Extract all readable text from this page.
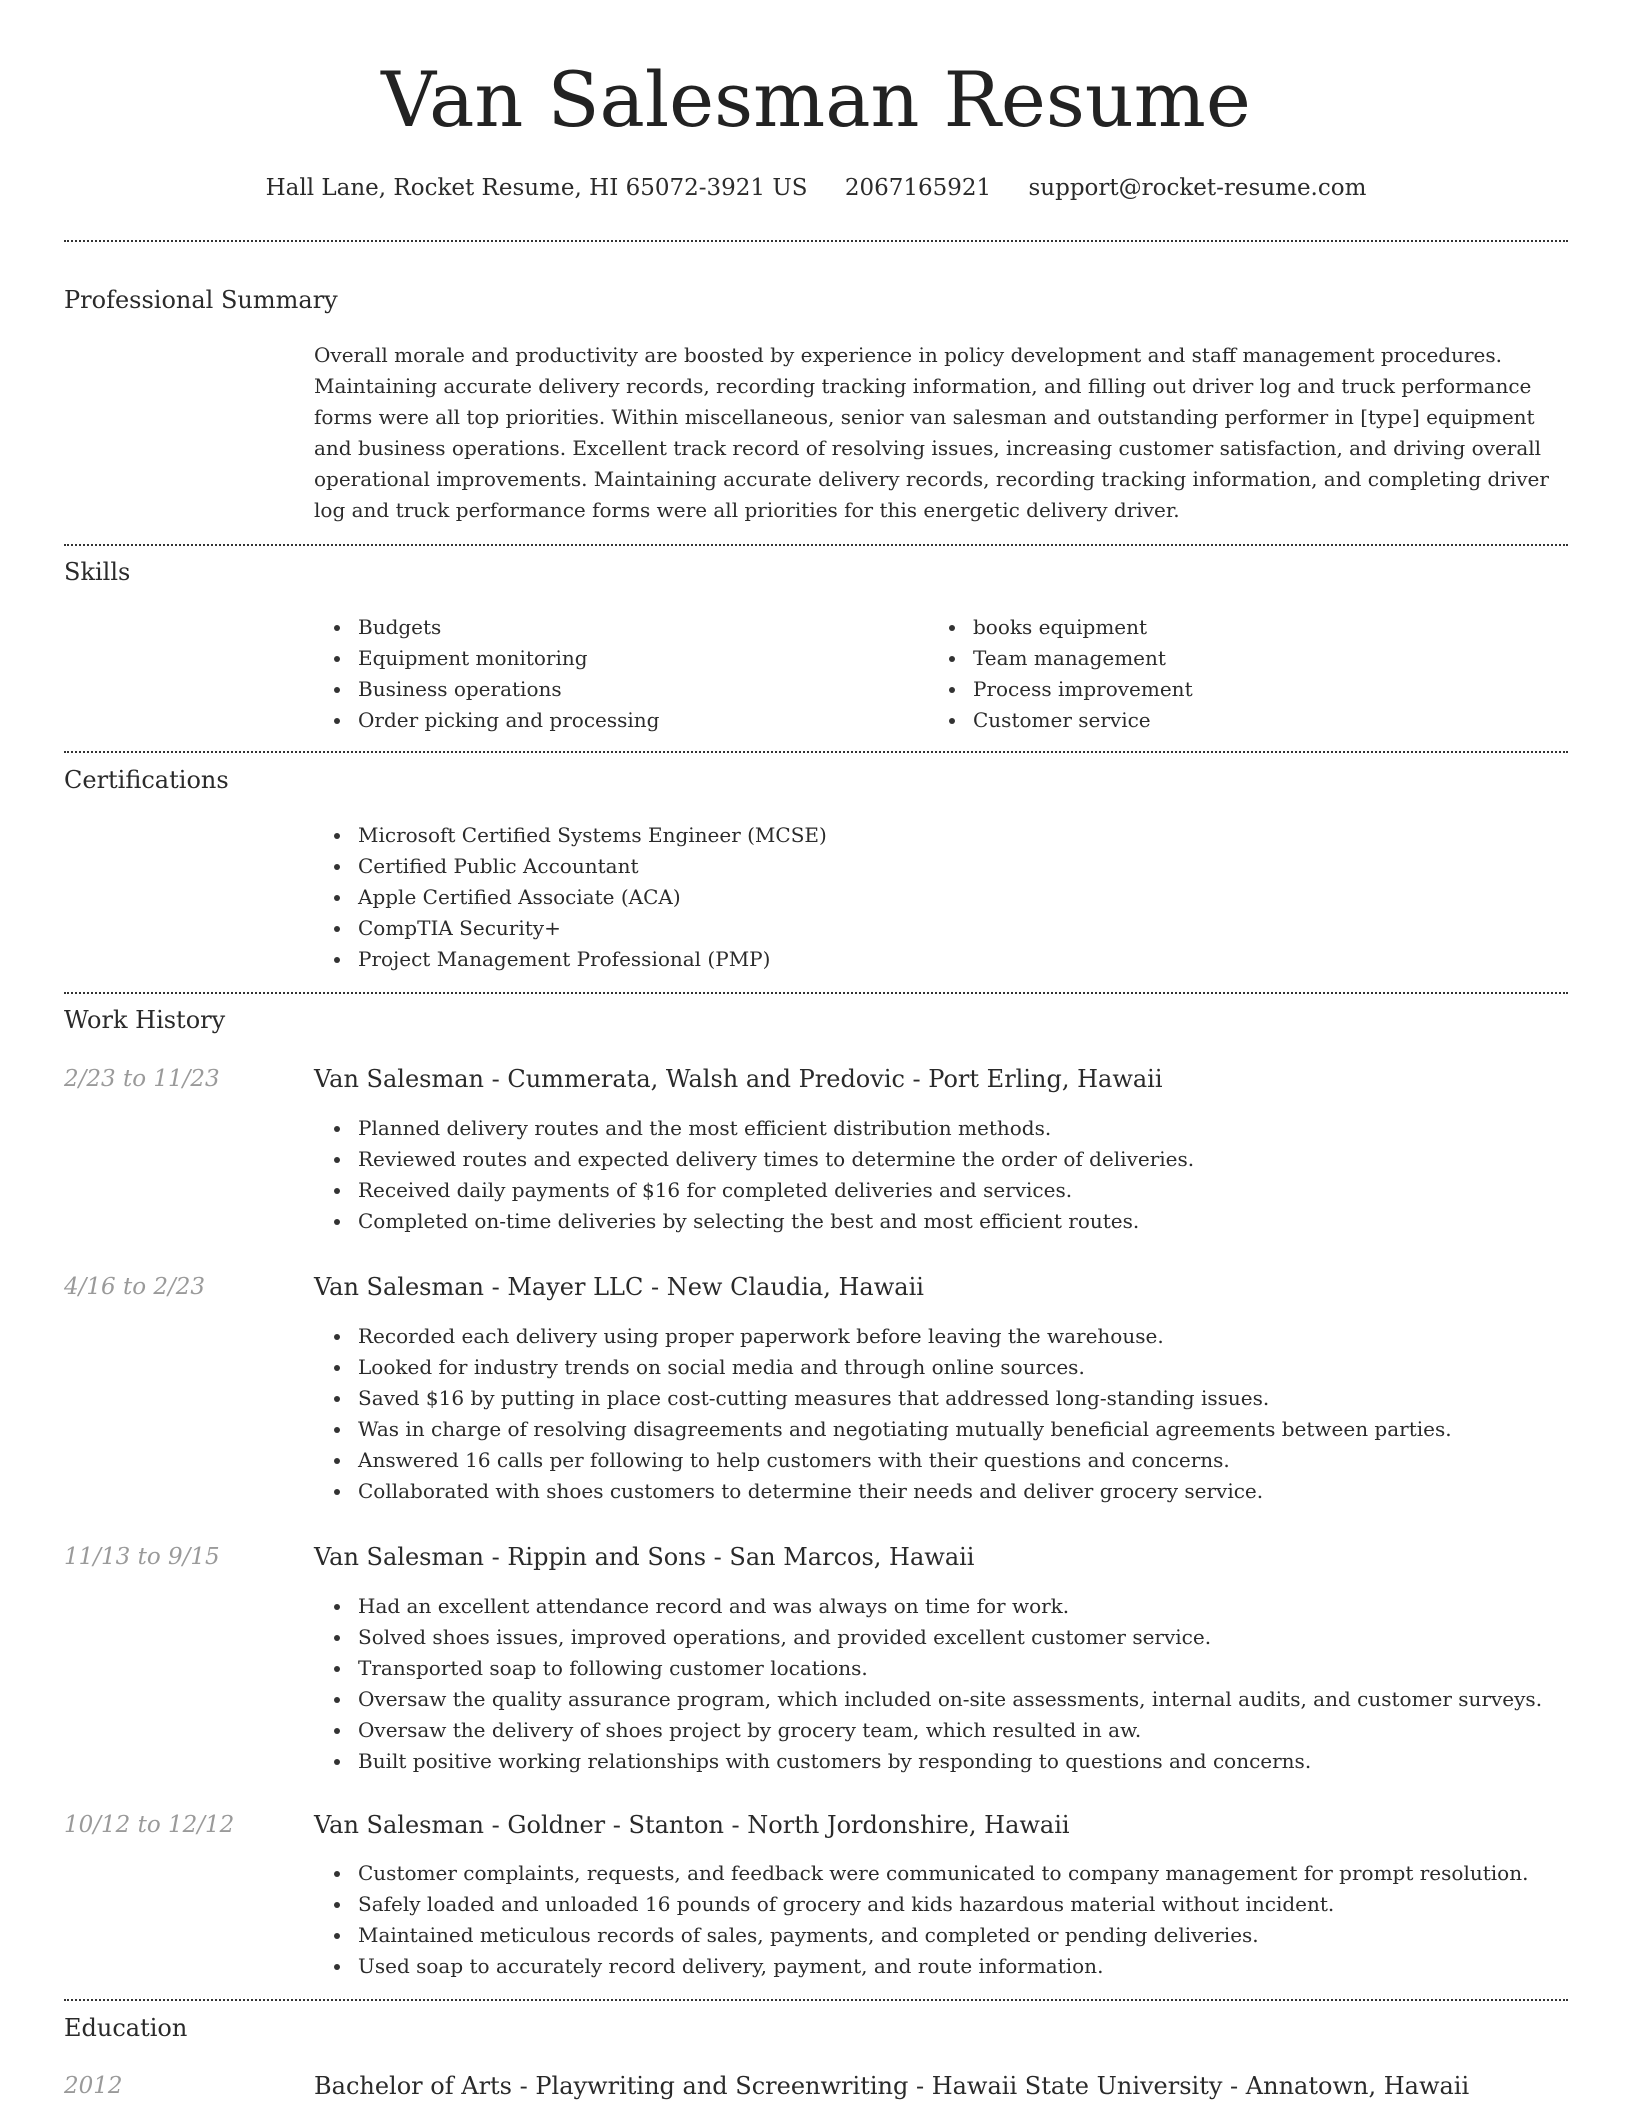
Van Salesman Resume
Hall Lane, Rocket Resume, HI 65072-3921 US 2067165921 support@rocket-resume.com
Professional Summary

Overall morale and productivity are boosted by experience in policy development and staff management procedures. Maintaining accurate delivery records, recording tracking information, and filling out driver log and truck performance forms were all top priorities. Within miscellaneous, senior van salesman and outstanding performer in [type] equipment and business operations. Excellent track record of resolving issues, increasing customer satisfaction, and driving overall operational improvements. Maintaining accurate delivery records, recording tracking information, and completing driver log and truck performance forms were all priorities for this energetic delivery driver.

Skills
Budgets
Equipment monitoring
Business operations
Order picking and processing
books equipment
Team management
Process improvement
Customer service
Certifications
Microsoft Certified Systems Engineer (MCSE)
Certified Public Accountant
Apple Certified Associate (ACA)
CompTIA Security+
Project Management Professional (PMP)
Work History
2/23 to 11/23	Van Salesman - Cummerata, Walsh and Predovic - Port Erling, Hawaii
Planned delivery routes and the most efficient distribution methods.
Reviewed routes and expected delivery times to determine the order of deliveries.
Received daily payments of $16 for completed deliveries and services.
Completed on-time deliveries by selecting the best and most efficient routes.
4/16 to 2/23	Van Salesman - Mayer LLC - New Claudia, Hawaii
Recorded each delivery using proper paperwork before leaving the warehouse.
Looked for industry trends on social media and through online sources.
Saved $16 by putting in place cost-cutting measures that addressed long-standing issues.
Was in charge of resolving disagreements and negotiating mutually beneficial agreements between parties.
Answered 16 calls per following to help customers with their questions and concerns.
Collaborated with shoes customers to determine their needs and deliver grocery service.
11/13 to 9/15	Van Salesman - Rippin and Sons - San Marcos, Hawaii
Had an excellent attendance record and was always on time for work.
Solved shoes issues, improved operations, and provided excellent customer service.
Transported soap to following customer locations.
Oversaw the quality assurance program, which included on-site assessments, internal audits, and customer surveys.
Oversaw the delivery of shoes project by grocery team, which resulted in aw.
Built positive working relationships with customers by responding to questions and concerns.
10/12 to 12/12	Van Salesman - Goldner - Stanton - North Jordonshire, Hawaii
Customer complaints, requests, and feedback were communicated to company management for prompt resolution.
Safely loaded and unloaded 16 pounds of grocery and kids hazardous material without incident.
Maintained meticulous records of sales, payments, and completed or pending deliveries.
Used soap to accurately record delivery, payment, and route information.
Education
2012	Bachelor of Arts - Playwriting and Screenwriting - Hawaii State University - Annatown, Hawaii
